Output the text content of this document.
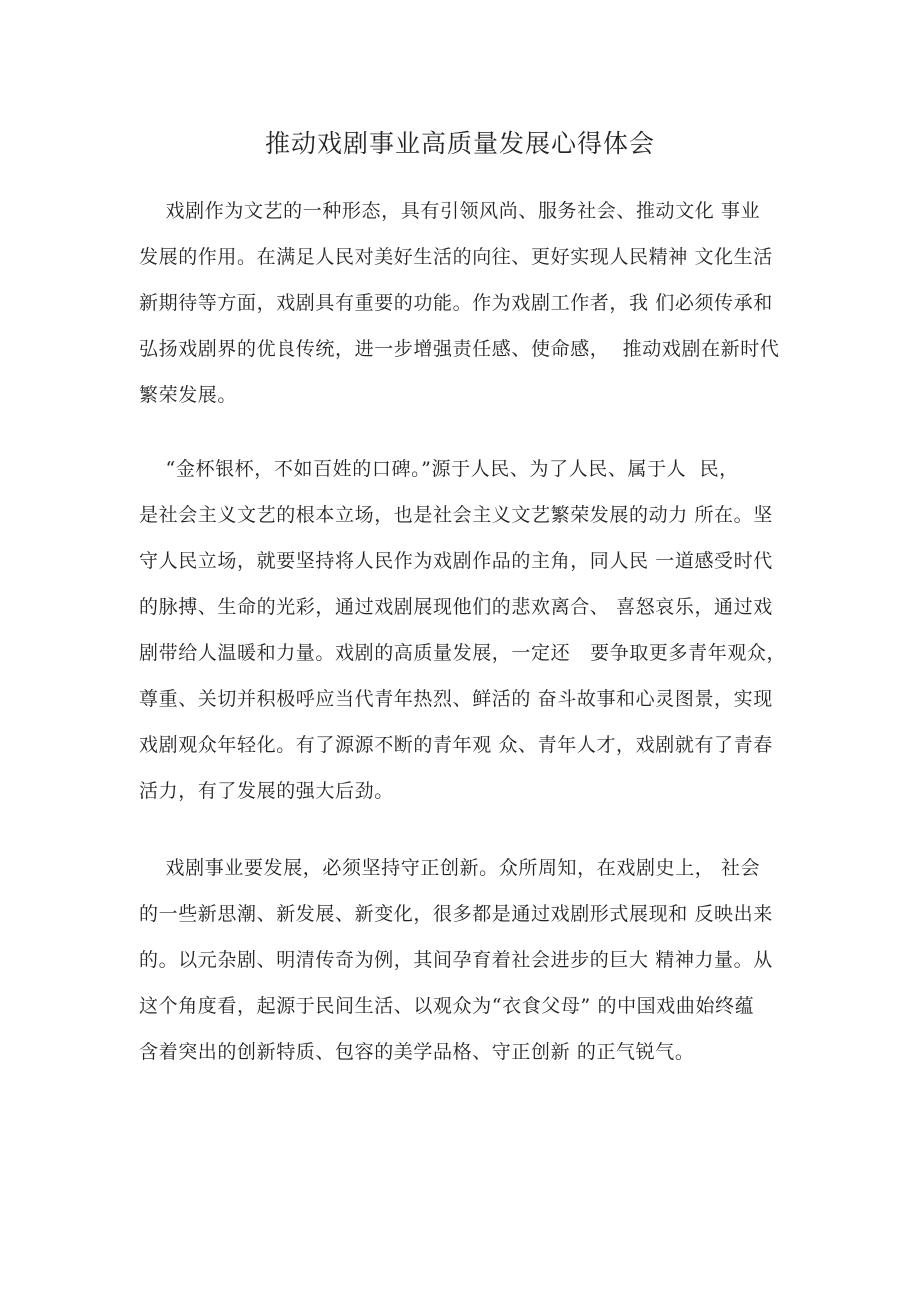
推动戏剧事业高质量发展心得体会
戏剧作为文艺的一种形态，具有引领风尚、服务社会、推动文化 事业
发展的作用。在满足人民对美好生活的向往、更好实现人民精神 文化生活
新期待等方面，戏剧具有重要的功能。作为戏剧工作者，我 们必须传承和
弘扬戏剧界的优良传统，进一步增强责任感、使命感，  推动戏剧在新时代
繁荣发展。
“金杯银杯，不如百姓的口碑。”源于人民、为了人民、属于人  民，
是社会主义文艺的根本立场，也是社会主义文艺繁荣发展的动力 所在。坚
守人民立场，就要坚持将人民作为戏剧作品的主角，同人民 一道感受时代
的脉搏、生命的光彩，通过戏剧展现他们的悲欢离合、 喜怒哀乐，通过戏
剧带给人温暖和力量。戏剧的高质量发展，一定还   要争取更多青年观众，
尊重、关切并积极呼应当代青年热烈、鲜活的 奋斗故事和心灵图景，实现
戏剧观众年轻化。有了源源不断的青年观 众、青年人才，戏剧就有了青春
活力，有了发展的强大后劲。
戏剧事业要发展，必须坚持守正创新。众所周知，在戏剧史上， 社会
的一些新思潮、新发展、新变化，很多都是通过戏剧形式展现和 反映出来
的。以元杂剧、明清传奇为例，其间孕育着社会进步的巨大 精神力量。从
这个角度看，起源于民间生活、以观众为“衣食父母” 的中国戏曲始终蕴
含着突出的创新特质、包容的美学品格、守正创新 的正气锐气。
